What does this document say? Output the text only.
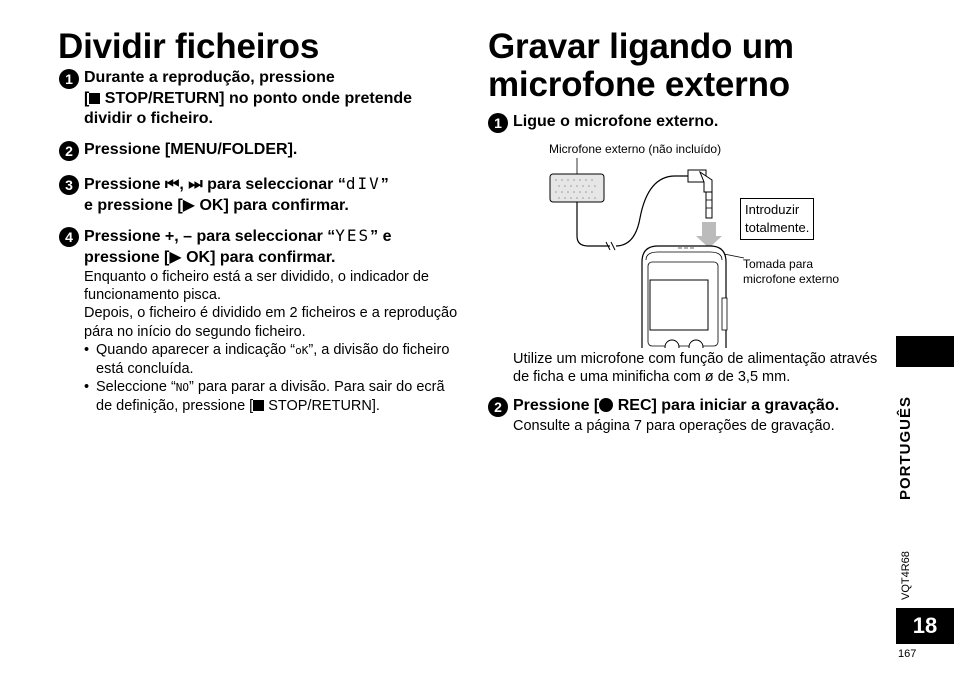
Dividir ficheiros
1 Durante a reprodução, pressione
[ STOP/RETURN] no ponto onde pretende
dividir o ficheiro.
2 Pressione [MENU/FOLDER].
3 Pressione ⏮, ⏭ para seleccionar “dIV”
e pressione [▶ OK] para confirmar.
4 Pressione +, – para seleccionar “YES” e
pressione [▶ OK] para confirmar.
Enquanto o ficheiro está a ser dividido, o indicador de funcionamento pisca.
Depois, o ficheiro é dividido em 2 ficheiros e a reprodução pára no início do segundo ficheiro.
• Quando aparecer a indicação “oK”, a divisão do ficheiro está concluída.
• Seleccione “NO” para parar a divisão. Para sair do ecrã de definição, pressione [ STOP/RETURN].
Gravar ligando um
microfone externo
1 Ligue o microfone externo.
Microfone externo (não incluído)
Introduzir
totalmente.
Tomada para
microfone externo
Utilize um microfone com função de alimentação através de ficha e uma minificha com ø de 3,5 mm.
2 Pressione [ REC] para iniciar a gravação.
Consulte a página 7 para operações de gravação.	PORTUGUÊS
VQT4R68
18
167
